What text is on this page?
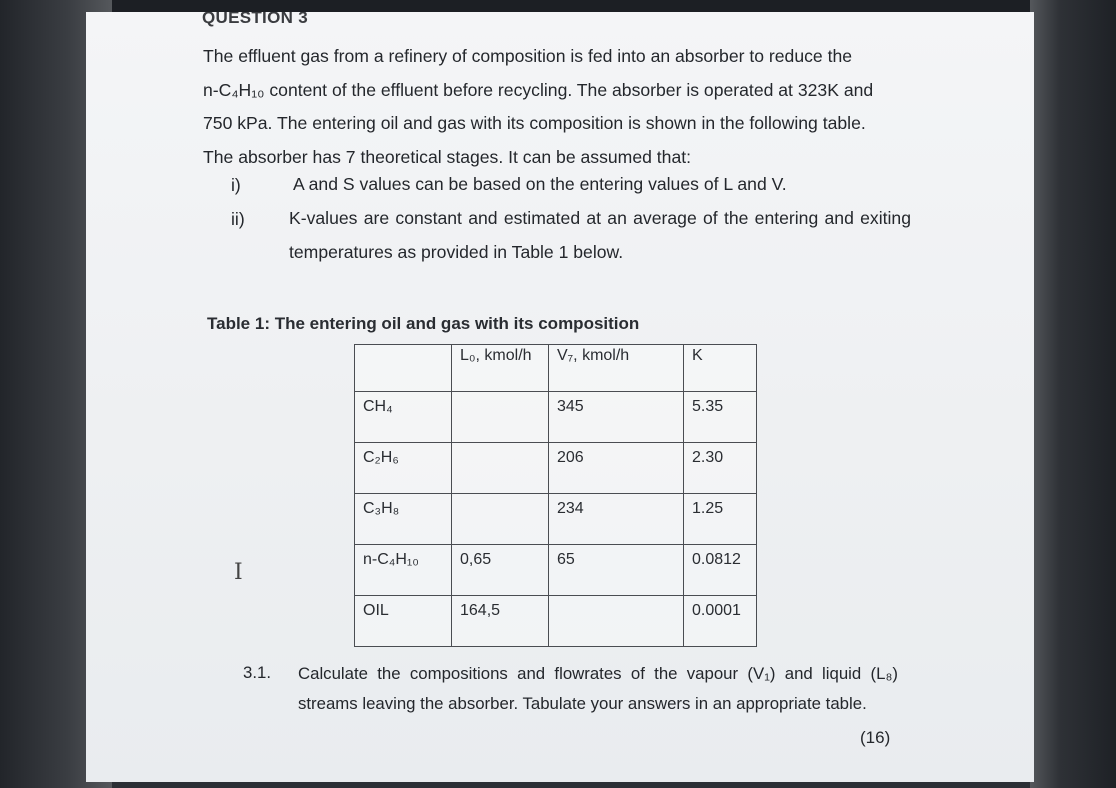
QUESTION 3
The effluent gas from a refinery of composition is fed into an absorber to reduce the
n-C₄H₁₀ content of the effluent before recycling. The absorber is operated at 323K and
750 kPa. The entering oil and gas with its composition is shown in the following table.
The absorber has 7 theoretical stages. It can be assumed that:
i)	A and S values can be based on the entering values of L and V.
ii)	K-values are constant and estimated at an average of the entering and exiting temperatures as provided in Table 1 below.
Table 1: The entering oil and gas with its composition
	L₀, kmol/h	V₇, kmol/h	K
CH₄		345	5.35
C₂H₆		206	2.30
C₃H₈		234	1.25
n-C₄H₁₀	0,65	65	0.0812
OIL	164,5		0.0001
I
3.1. Calculate the compositions and flowrates of the vapour (V₁) and liquid (L₈) streams leaving the absorber. Tabulate your answers in an appropriate table.
(16)
